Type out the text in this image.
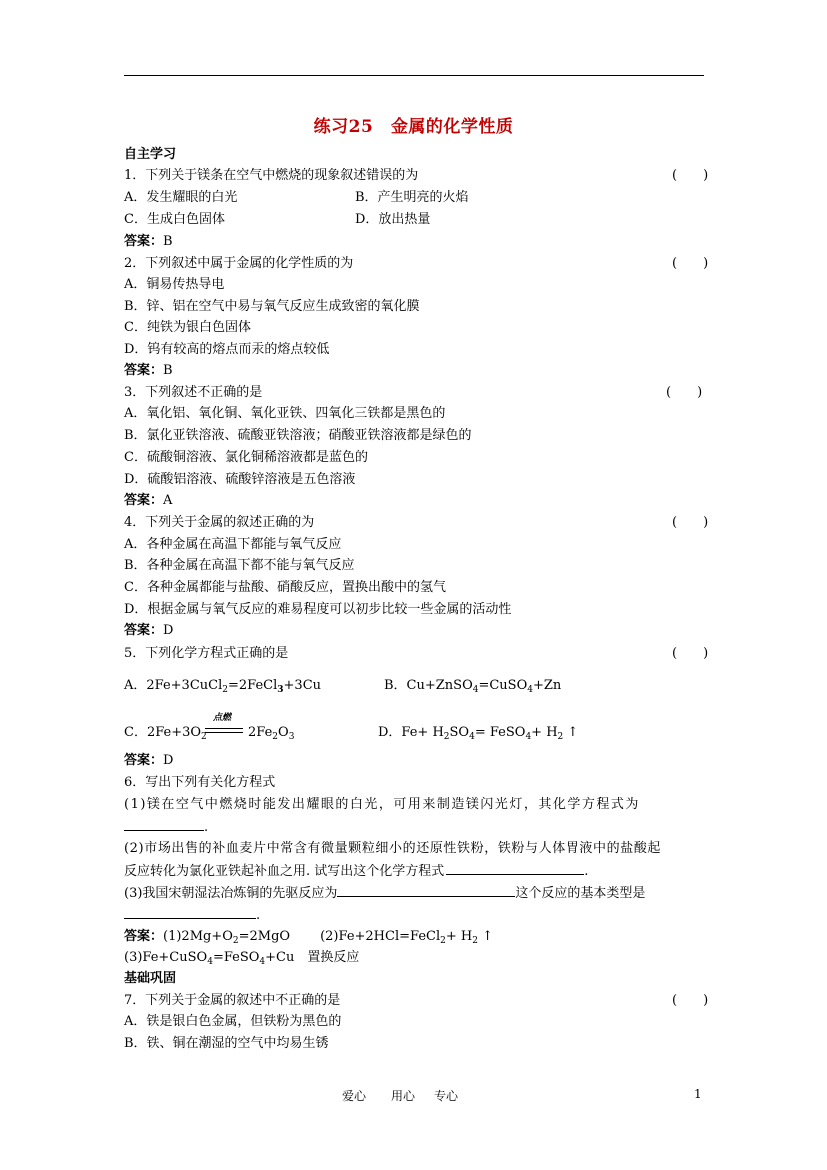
练习25　金属的化学性质
自主学习
1．下列关于镁条在空气中燃烧的现象叙述错误的为	(　　)
A．发生耀眼的白光	B．产生明亮的火焰
C．生成白色固体	D．放出热量
答案：B
2．下列叙述中属于金属的化学性质的为	(　　)
A．铜易传热导电
B．锌、铝在空气中易与氧气反应生成致密的氧化膜
C．纯铁为银白色固体
D．钨有较高的熔点而汞的熔点较低
答案：B
3．下列叙述不正确的是	(　　)
A．氧化铝、氧化铜、氧化亚铁、四氧化三铁都是黑色的
B．氯化亚铁溶液、硫酸亚铁溶液；硝酸亚铁溶液都是绿色的
C．硫酸铜溶液、氯化铜稀溶液都是蓝色的
D．硫酸铝溶液、硫酸锌溶液是五色溶液
答案：A
4．下列关于金属的叙述正确的为	(　　)
A．各种金属在高温下都能与氧气反应
B．各种金属在高温下都不能与氧气反应
C．各种金属都能与盐酸、硝酸反应，置换出酸中的氢气
D．根据金属与氧气反应的难易程度可以初步比较一些金属的活动性
答案：D
5．下列化学方程式正确的是	(　　)
A．2Fe+3CuCl$_2$=2FeCl$_3$+3Cu	B．Cu+ZnSO$_4$=CuSO$_4$+Zn
C．$2Fe+3O_2$
点燃
$2Fe_2O_3$	D．$Fe+ H_2SO_4=$ FeSO$_4$+ $H_2$ ↑
答案：D
6．写出下列有关化方程式
(1)镁在空气中燃烧时能发出耀眼的白光，可用来制造镁闪光灯，其化学方程式为
.
(2)市场出售的补血麦片中常含有微量颗粒细小的还原性铁粉，铁粉与人体胃液中的盐酸起
反应转化为氯化亚铁起补血之用. 试写出这个化学方程式	.
(3)我国宋朝湿法冶炼铜的先驱反应为	这个反应的基本类型是
.
答案：$(1)2Mg+O_2=2MgO$ (2)Fe+2HCl=FeCl$_2$+ $H_2$ ↑
(3)Fe+CuSO$_4$=FeSO$_4$+Cu　置换反应
基础巩固
7．下列关于金属的叙述中不正确的是	(　　)
A．铁是银白色金属，但铁粉为黑色的
B．铁、铜在潮湿的空气中均易生锈
爱心 用心 专心	1
